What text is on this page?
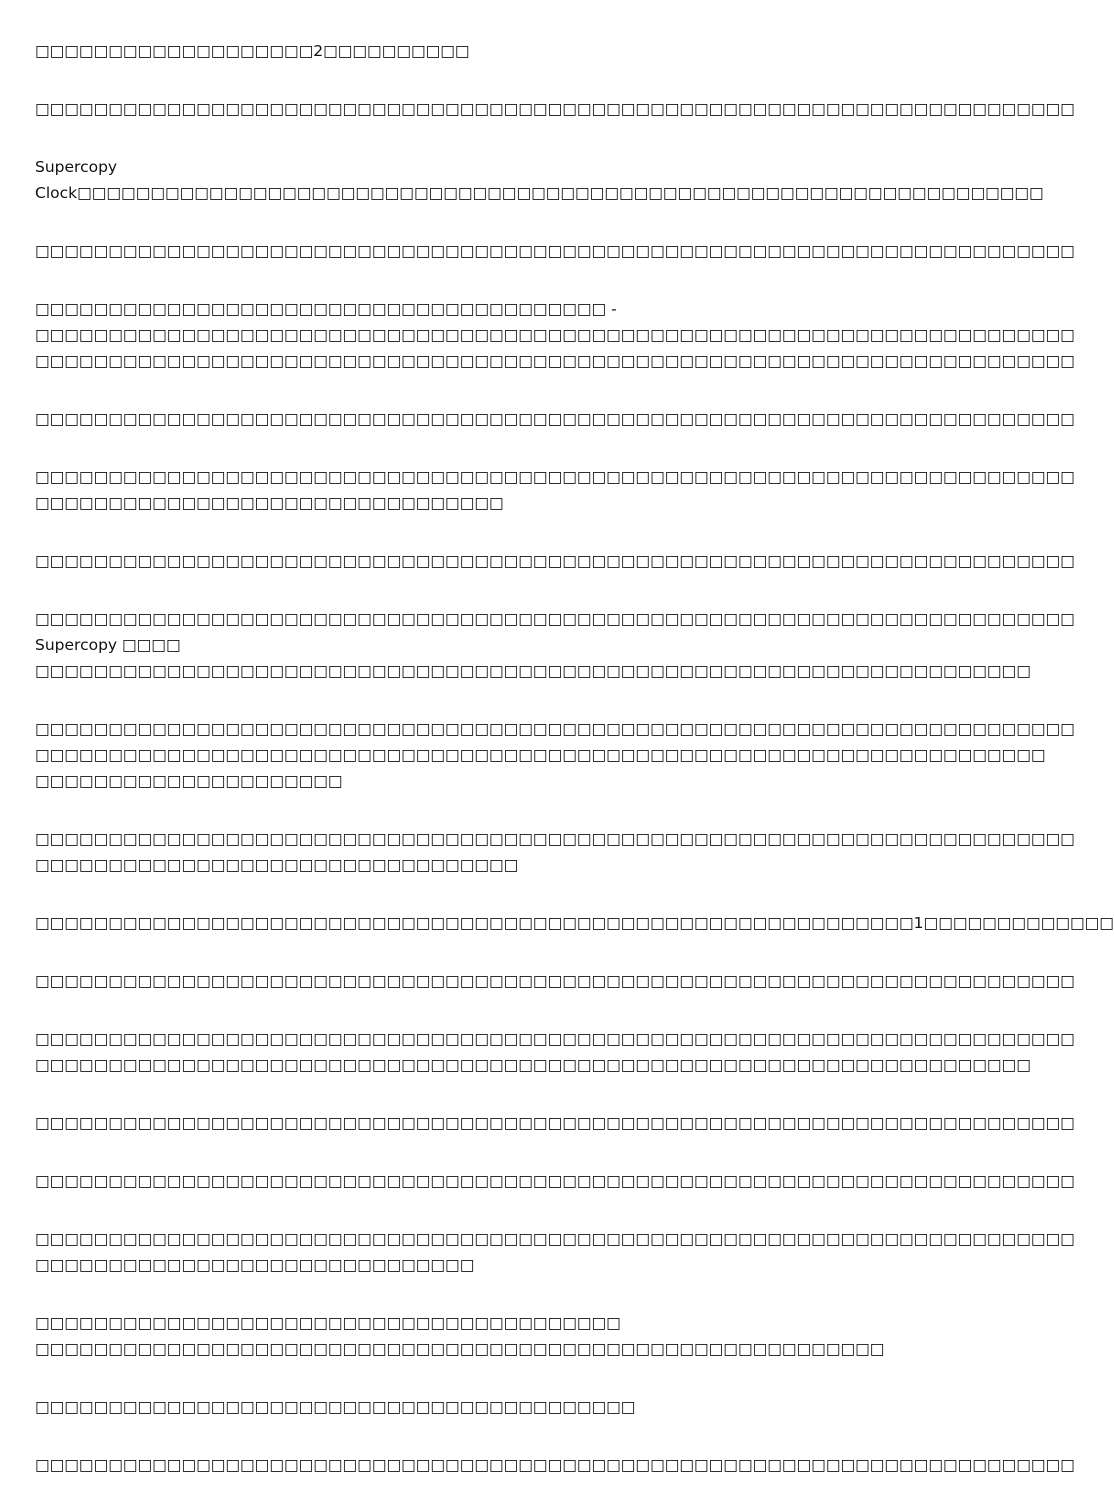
□□□□□□□□□□□□□□□□□□□2□□□□□□□□□□

□□□□□□□□□□□□□□□□□□□□□□□□□□□□□□□□□□□□□□□□□□□□□□□□□□□□□□□□□□□□□□□□□□□□□□□

Supercopy
Clock□□□□□□□□□□□□□□□□□□□□□□□□□□□□□□□□□□□□□□□□□□□□□□□□□□□□□□□□□□□□□□□□□□

□□□□□□□□□□□□□□□□□□□□□□□□□□□□□□□□□□□□□□□□□□□□□□□□□□□□□□□□□□□□□□□□□□□□□□□

□□□□□□□□□□□□□□□□□□□□□□□□□□□□□□□□□□□□□□□ -
□□□□□□□□□□□□□□□□□□□□□□□□□□□□□□□□□□□□□□□□□□□□□□□□□□□□□□□□□□□□□□□□□□□□□□□
□□□□□□□□□□□□□□□□□□□□□□□□□□□□□□□□□□□□□□□□□□□□□□□□□□□□□□□□□□□□□□□□□□□□□□□

□□□□□□□□□□□□□□□□□□□□□□□□□□□□□□□□□□□□□□□□□□□□□□□□□□□□□□□□□□□□□□□□□□□□□□□

□□□□□□□□□□□□□□□□□□□□□□□□□□□□□□□□□□□□□□□□□□□□□□□□□□□□□□□□□□□□□□□□□□□□□□□
□□□□□□□□□□□□□□□□□□□□□□□□□□□□□□□□

□□□□□□□□□□□□□□□□□□□□□□□□□□□□□□□□□□□□□□□□□□□□□□□□□□□□□□□□□□□□□□□□□□□□□□□

□□□□□□□□□□□□□□□□□□□□□□□□□□□□□□□□□□□□□□□□□□□□□□□□□□□□□□□□□□□□□□□□□□□□□□□
Supercopy □□□□
□□□□□□□□□□□□□□□□□□□□□□□□□□□□□□□□□□□□□□□□□□□□□□□□□□□□□□□□□□□□□□□□□□□□

□□□□□□□□□□□□□□□□□□□□□□□□□□□□□□□□□□□□□□□□□□□□□□□□□□□□□□□□□□□□□□□□□□□□□□□
□□□□□□□□□□□□□□□□□□□□□□□□□□□□□□□□□□□□□□□□□□□□□□□□□□□□□□□□□□□□□□□□□□□□□
□□□□□□□□□□□□□□□□□□□□□

□□□□□□□□□□□□□□□□□□□□□□□□□□□□□□□□□□□□□□□□□□□□□□□□□□□□□□□□□□□□□□□□□□□□□□□
□□□□□□□□□□□□□□□□□□□□□□□□□□□□□□□□□

□□□□□□□□□□□□□□□□□□□□□□□□□□□□□□□□□□□□□□□□□□□□□□□□□□□□□□□□□□□□1□□□□□□□□□□□□□

□□□□□□□□□□□□□□□□□□□□□□□□□□□□□□□□□□□□□□□□□□□□□□□□□□□□□□□□□□□□□□□□□□□□□□□

□□□□□□□□□□□□□□□□□□□□□□□□□□□□□□□□□□□□□□□□□□□□□□□□□□□□□□□□□□□□□□□□□□□□□□□
□□□□□□□□□□□□□□□□□□□□□□□□□□□□□□□□□□□□□□□□□□□□□□□□□□□□□□□□□□□□□□□□□□□□

□□□□□□□□□□□□□□□□□□□□□□□□□□□□□□□□□□□□□□□□□□□□□□□□□□□□□□□□□□□□□□□□□□□□□□□

□□□□□□□□□□□□□□□□□□□□□□□□□□□□□□□□□□□□□□□□□□□□□□□□□□□□□□□□□□□□□□□□□□□□□□□

□□□□□□□□□□□□□□□□□□□□□□□□□□□□□□□□□□□□□□□□□□□□□□□□□□□□□□□□□□□□□□□□□□□□□□□
□□□□□□□□□□□□□□□□□□□□□□□□□□□□□□

□□□□□□□□□□□□□□□□□□□□□□□□□□□□□□□□□□□□□□□□
□□□□□□□□□□□□□□□□□□□□□□□□□□□□□□□□□□□□□□□□□□□□□□□□□□□□□□□□□□

□□□□□□□□□□□□□□□□□□□□□□□□□□□□□□□□□□□□□□□□□

□□□□□□□□□□□□□□□□□□□□□□□□□□□□□□□□□□□□□□□□□□□□□□□□□□□□□□□□□□□□□□□□□□□□□□□
